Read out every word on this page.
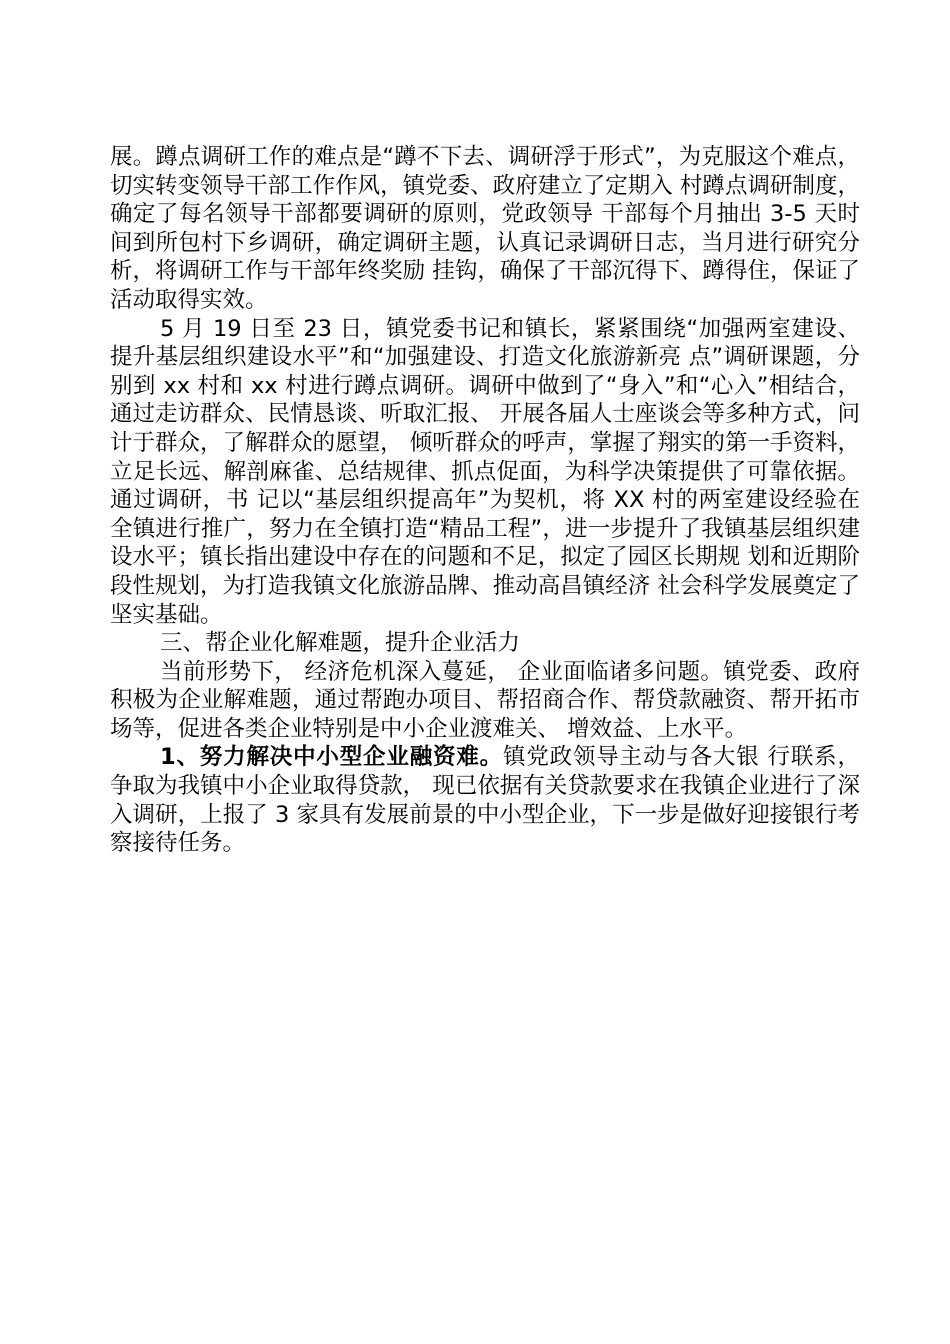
展。蹲点调研工作的难点是“蹲不下去、调研浮于形式”，为克服这个难点，切实转变领导干部工作作风，镇党委、政府建立了定期入 村蹲点调研制度，确定了每名领导干部都要调研的原则，党政领导 干部每个月抽出 3-5 天时间到所包村下乡调研，确定调研主题，认真记录调研日志，当月进行研究分析，将调研工作与干部年终奖励 挂钩，确保了干部沉得下、蹲得住，保证了活动取得实效。

5 月 19 日至 23 日，镇党委书记和镇长，紧紧围绕“加强两室建设、提升基层组织建设水平”和“加强建设、打造文化旅游新亮 点”调研课题，分别到 xx 村和 xx 村进行蹲点调研。调研中做到了“身入”和“心入”相结合，通过走访群众、民情恳谈、听取汇报、 开展各届人士座谈会等多种方式，问计于群众，了解群众的愿望， 倾听群众的呼声，掌握了翔实的第一手资料，立足长远、解剖麻雀、总结规律、抓点促面，为科学决策提供了可靠依据。通过调研，书 记以“基层组织提高年”为契机，将 XX 村的两室建设经验在全镇进行推广，努力在全镇打造“精品工程”，进一步提升了我镇基层组织建设水平；镇长指出建设中存在的问题和不足，拟定了园区长期规 划和近期阶段性规划，为打造我镇文化旅游品牌、推动高昌镇经济 社会科学发展奠定了坚实基础。

三、帮企业化解难题，提升企业活力

当前形势下， 经济危机深入蔓延， 企业面临诸多问题。镇党委、政府积极为企业解难题，通过帮跑办项目、帮招商合作、帮贷款融资、帮开拓市场等，促进各类企业特别是中小企业渡难关、 增效益、上水平。

1、努力解决中小型企业融资难。镇党政领导主动与各大银 行联系， 争取为我镇中小企业取得贷款， 现已依据有关贷款要求在我镇企业进行了深入调研，上报了 3 家具有发展前景的中小型企业，下一步是做好迎接银行考察接待任务。
